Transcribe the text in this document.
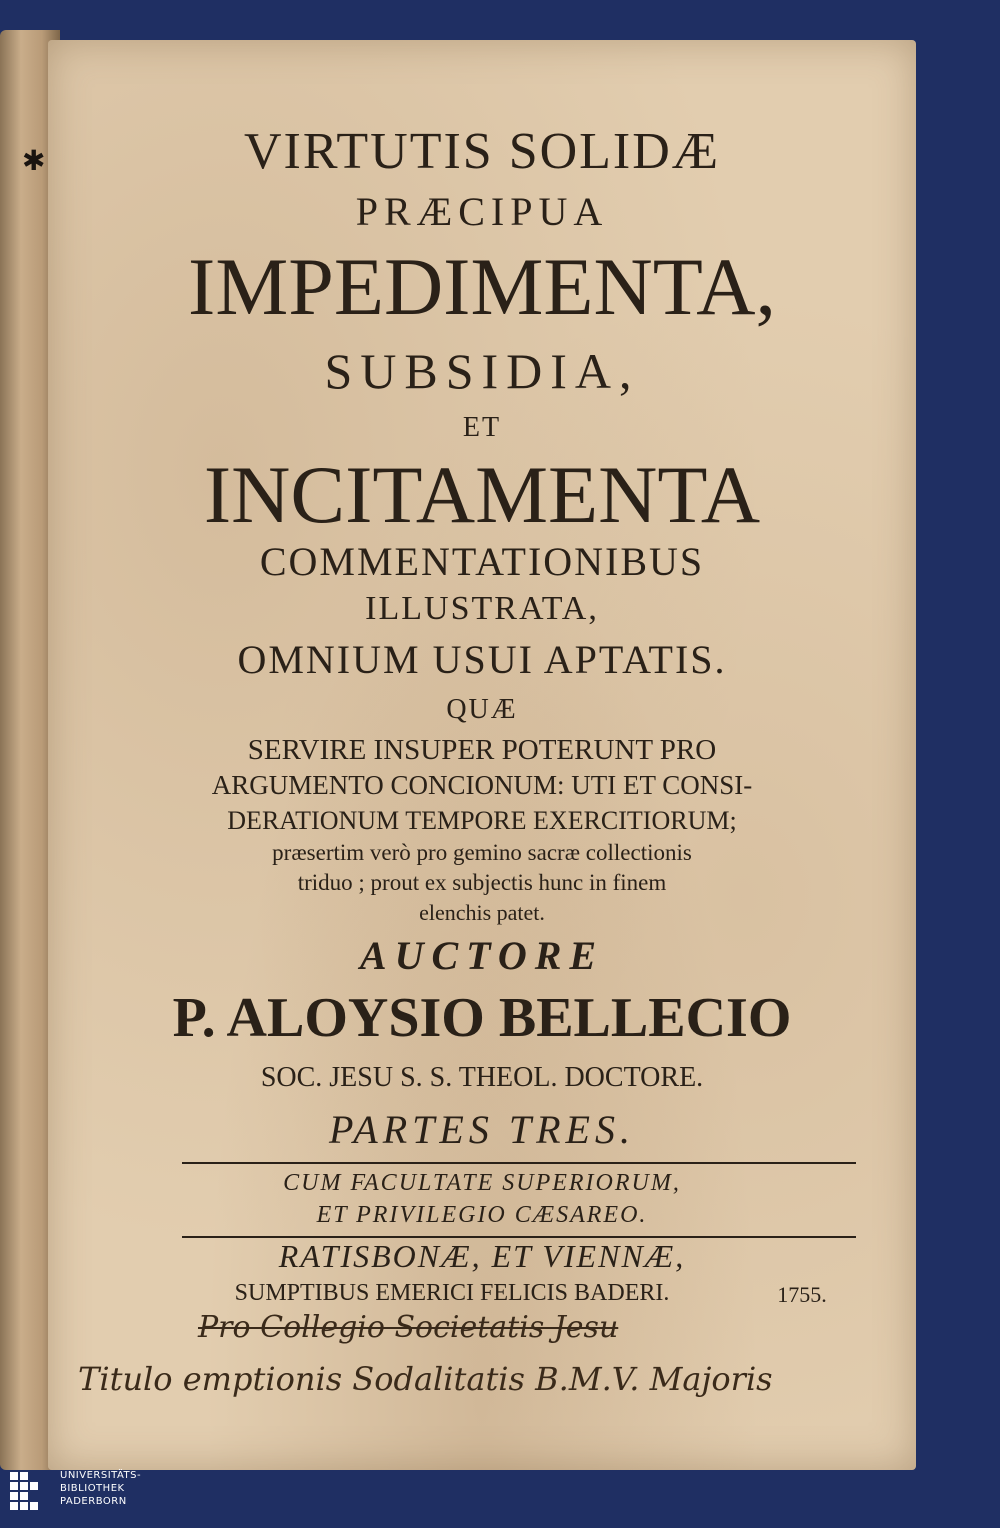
✱	VIRTUTIS SOLIDÆ
PRÆCIPUA
IMPEDIMENTA,
SUBSIDIA,
ET
INCITAMENTA
COMMENTATIONIBUS
ILLUSTRATA,
OMNIUM USUI APTATIS.
QUÆ
SERVIRE INSUPER POTERUNT PRO
ARGUMENTO CONCIONUM: UTI ET CONSI-
DERATIONUM TEMPORE EXERCITIORUM;
præsertim verò pro gemino sacræ collectionis
triduo ; prout ex subjectis hunc in finem
elenchis patet.
AUCTORE
P. ALOYSIO BELLECIO
SOC. JESU S. S. THEOL. DOCTORE.
PARTES TRES.
CUM FACULTATE SUPERIORUM,
ET PRIVILEGIO CÆSAREO.
RATISBONÆ, ET VIENNÆ,
SUMPTIBUS EMERICI FELICIS BADERI.	1755.
Pro Collegio Societatis Jesu
Titulo emptionis Sodalitatis B.M.V. Majoris
UNIVERSITÄTS-
BIBLIOTHEK
PADERBORN
